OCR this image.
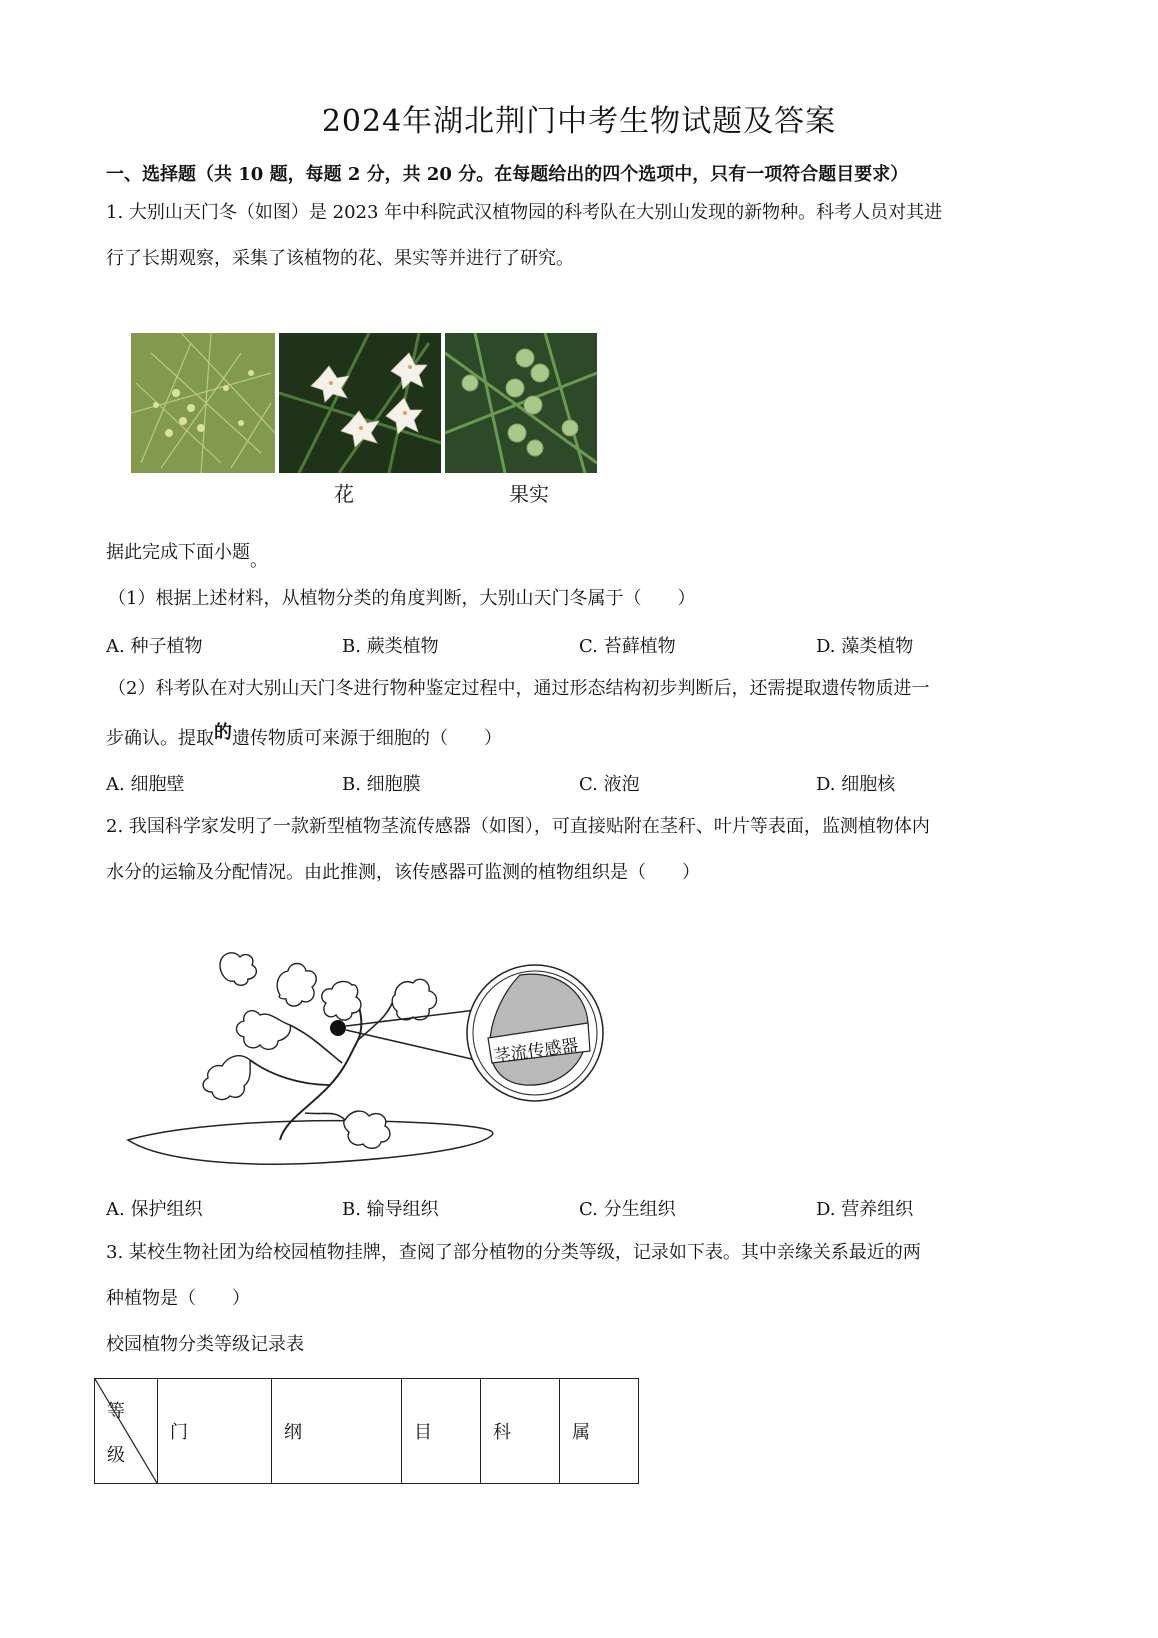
2024年湖北荆门中考生物试题及答案
一、选择题（共 10 题，每题 2 分，共 20 分。在每题给出的四个选项中，只有一项符合题目要求）
1. 大别山天门冬（如图）是 2023 年中科院武汉植物园的科考队在大别山发现的新物种。科考人员对其进
行了长期观察，采集了该植物的花、果实等并进行了研究。
花	果实
据此完成下面小题。
（1）根据上述材料，从植物分类的角度判断，大别山天门冬属于（　　）
A. 种子植物	B. 蕨类植物	C. 苔藓植物	D. 藻类植物
（2）科考队在对大别山天门冬进行物种鉴定过程中，通过形态结构初步判断后，还需提取遗传物质进一
步确认。提取的遗传物质可来源于细胞的（　　）
A. 细胞壁	B. 细胞膜	C. 液泡	D. 细胞核
2. 我国科学家发明了一款新型植物茎流传感器（如图），可直接贴附在茎秆、叶片等表面，监测植物体内
水分的运输及分配情况。由此推测，该传感器可监测的植物组织是（　　）
茎流传感器
A. 保护组织	B. 输导组织	C. 分生组织	D. 营养组织
3. 某校生物社团为给校园植物挂牌，查阅了部分植物的分类等级，记录如下表。其中亲缘关系最近的两
种植物是（　　）
校园植物分类等级记录表
等
级
	门	纲	目	科	属
